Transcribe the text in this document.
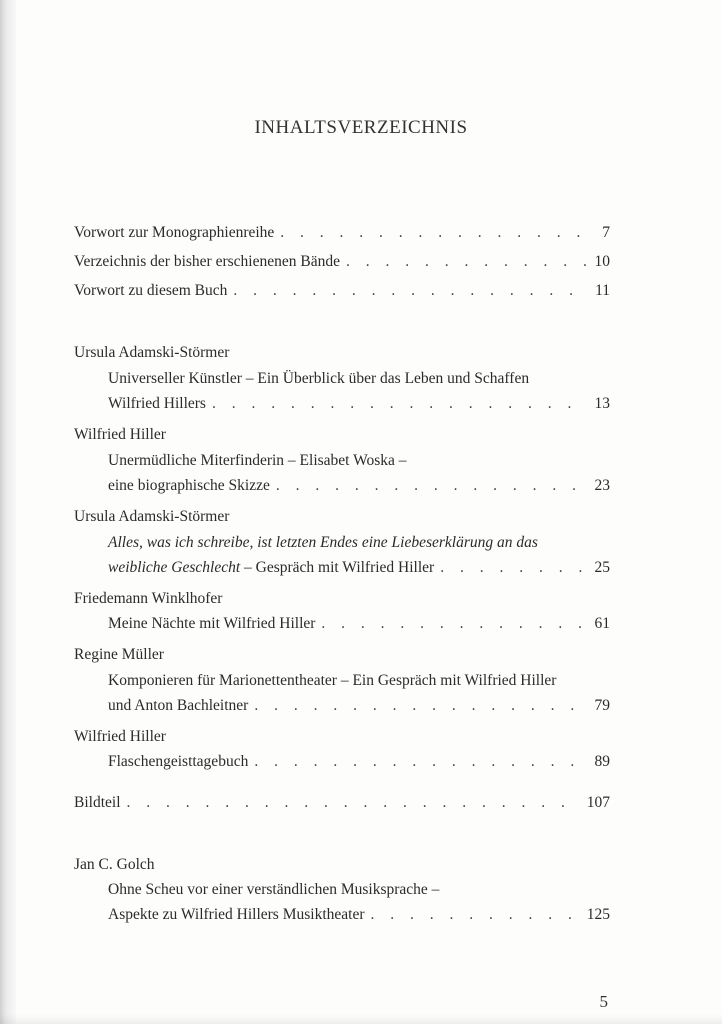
INHALTSVERZEICHNIS
Vorwort zur Monographienreihe . . .	7
Verzeichnis der bisher erschienenen Bände . . .	10
Vorwort zu diesem Buch . . .	11
Ursula Adamski-Störmer
Universeller Künstler – Ein Überblick über das Leben und Schaffen
Wilfried Hillers . . .	13
Wilfried Hiller
Unermüdliche Miterfinderin – Elisabet Woska –
eine biographische Skizze . . .	23
Ursula Adamski-Störmer
Alles, was ich schreibe, ist letzten Endes eine Liebeserklärung an das
weibliche Geschlecht – Gespräch mit Wilfried Hiller . . .	25
Friedemann Winklhofer
Meine Nächte mit Wilfried Hiller . . .	61
Regine Müller
Komponieren für Marionettentheater – Ein Gespräch mit Wilfried Hiller
und Anton Bachleitner . . .	79
Wilfried Hiller
Flaschengeisttagebuch . . .	89
Bildteil . . .	107
Jan C. Golch
Ohne Scheu vor einer verständlichen Musiksprache –
Aspekte zu Wilfried Hillers Musiktheater . . .	125
5
